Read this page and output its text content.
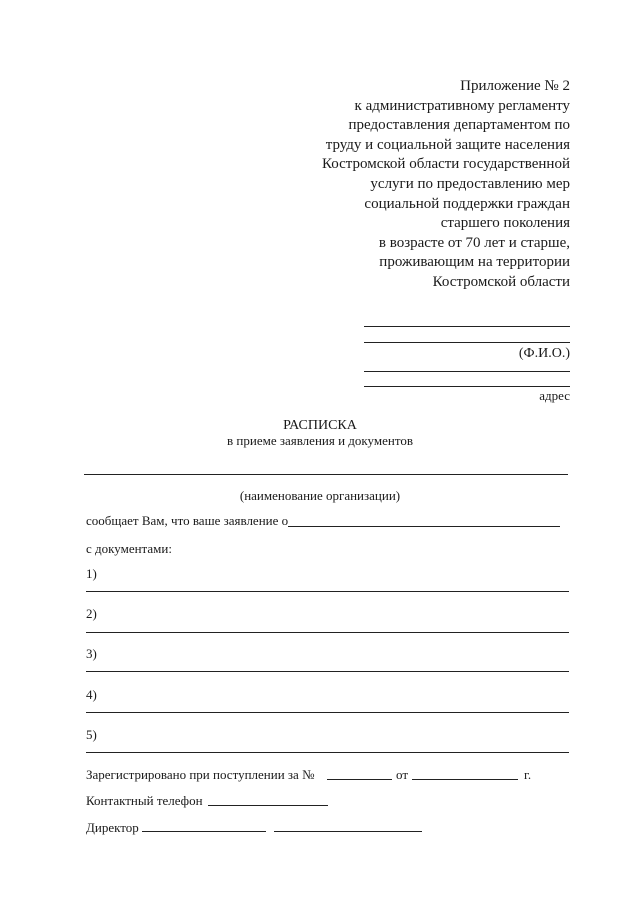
Приложение № 2
к административному регламенту
предоставления департаментом по
труду и социальной защите населения
Костромской области государственной
услуги по предоставлению мер
социальной поддержки граждан
старшего поколения
в возрасте от 70 лет и старше,
проживающим на территории
Костромской области
(Ф.И.О.)
адрес
РАСПИСКА
в приеме заявления и документов
(наименование организации)
сообщает Вам, что ваше заявление о
с документами:
1)
2)
3)
4)
5)
Зарегистрировано при поступлении за №	от	г.
Контактный телефон
Директор
